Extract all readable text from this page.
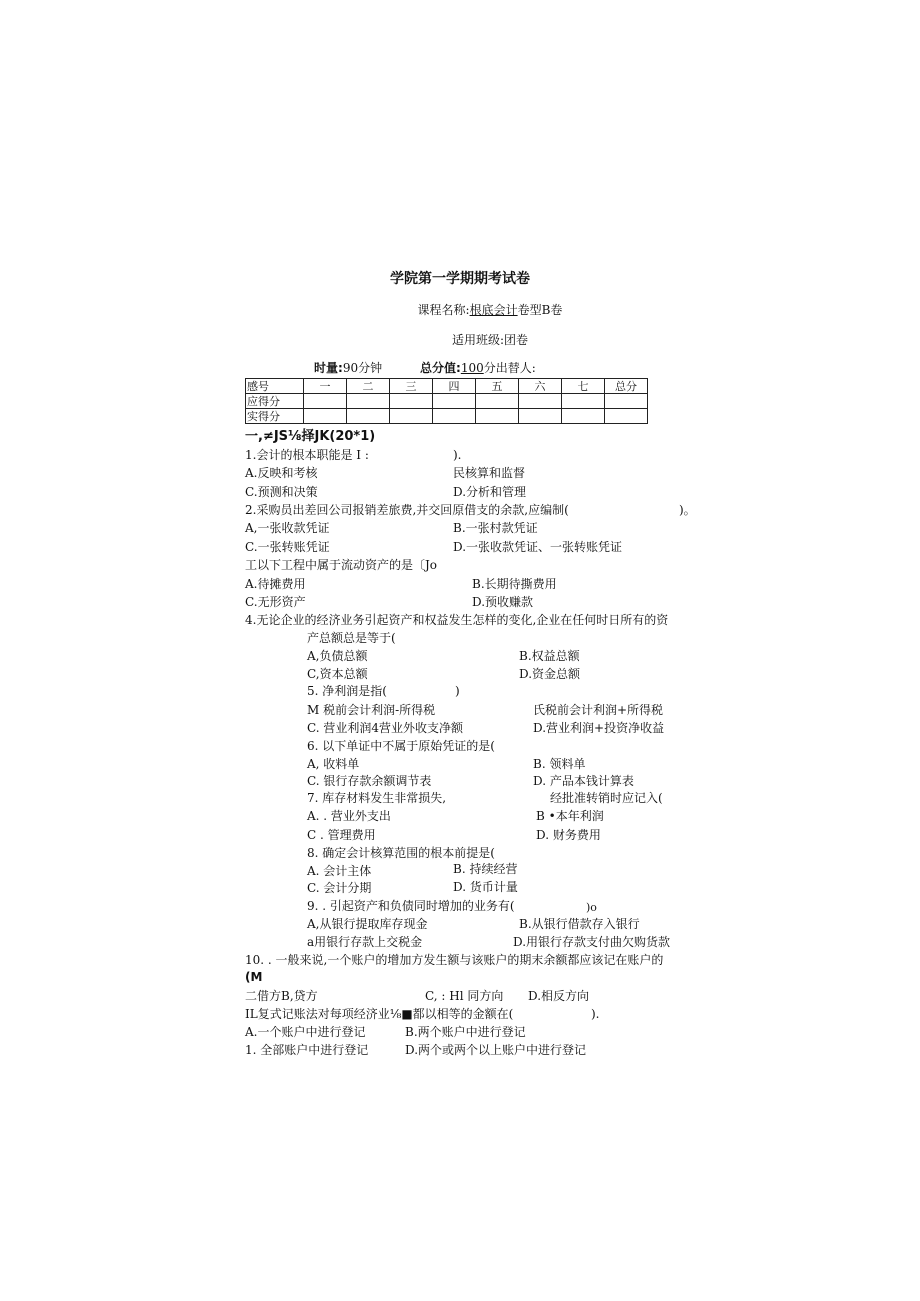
学院第一学期期考试卷
课程名称:根底会计卷型B卷
适用班级:团卷
时量:90分钟	总分值:100分出替人:
感号	一	二	三	四	五	六	七	总分
应得分								
实得分								
一,≠JS⅛择JK(20*1)
1.会计的根本职能是 I :	).
A.反映和考核	民核算和监督
C.预测和决策	D.分析和管理
2.采购员出差回公司报销差旅费,并交回原借支的余款,应编制(	)。
A,一张收款凭证	B.一张村款凭证
C.一张转账凭证	D.一张收款凭证、一张转账凭证
工以下工程中属于流动资产的是〔Jo
A.待摊费用	B.长期待撕费用
C.无形资产	D.预收赚款
4.无论企业的经济业务引起资产和权益发生怎样的变化,企业在任何时日所有的资
产总额总是等于(
A,负债总额	B.权益总额
C,资本总额	D.资金总额
5. 净利润是指(	)
M 税前会计利润-所得税	氏税前会计利润+所得税
C. 营业利润4营业外收支净额	D.营业利润+投资净收益
6. 以下单证中不属于原始凭证的是(
A, 收料单	B. 领料单
C. 银行存款余额调节表	D. 产品本钱计算表
7. 库存材料发生非常损失,	经批准转销时应记入(
A. . 营业外支出	B •本年利润
C . 管理费用	D. 财务费用
8. 确定会计核算范围的根本前提是(
A. 会计主体	B. 持续经营
C. 会计分期	D. 货币计量
9. . 引起资产和负债同时增加的业务有(	)o
A,从银行提取库存现金	B.从银行借款存入银行
a用银行存款上交税金	D.用银行存款支付曲欠购货款
10. . 一般来说,一个账户的增加方发生额与该账户的期末余额都应该记在账户的
(M
二借方B,贷方	C, : Hl 同方向 D.相反方向
IL复式记账法对每项经济业⅛■都以相等的金额在(	).
A.一个账户中进行登记	B.两个账户中进行登记
1. 全部账户中进行登记	D.两个或两个以上账户中进行登记
